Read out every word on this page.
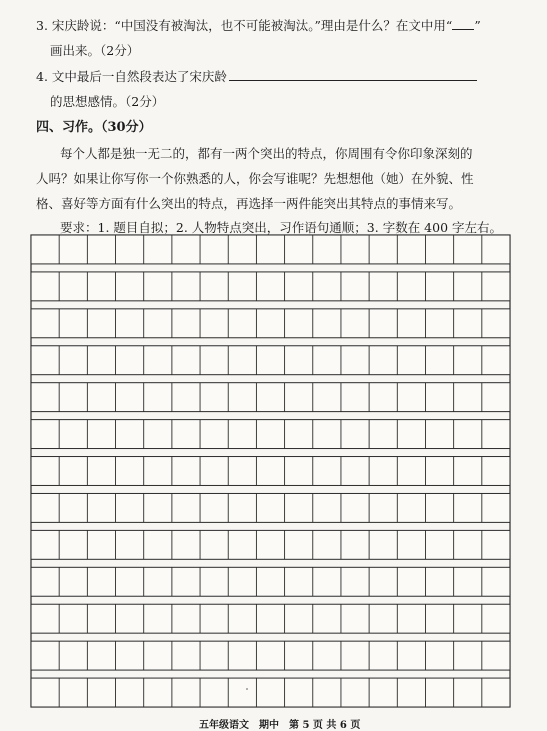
3. 宋庆龄说：“中国没有被淘汰，也不可能被淘汰。”理由是什么？在文中用“ ”
画出来。（2分）
4. 文中最后一自然段表达了宋庆龄
的思想感情。（2分）
四、习作。（30分）
每个人都是独一无二的，都有一两个突出的特点，你周围有令你印象深刻的
人吗？如果让你写你一个你熟悉的人，你会写谁呢？先想想他（她）在外貌、性
格、喜好等方面有什么突出的特点，再选择一两件能突出其特点的事情来写。
要求：1. 题目自拟；2. 人物特点突出，习作语句通顺；3. 字数在 400 字左右。
五年级语文　期中　第 5 页 共 6 页
